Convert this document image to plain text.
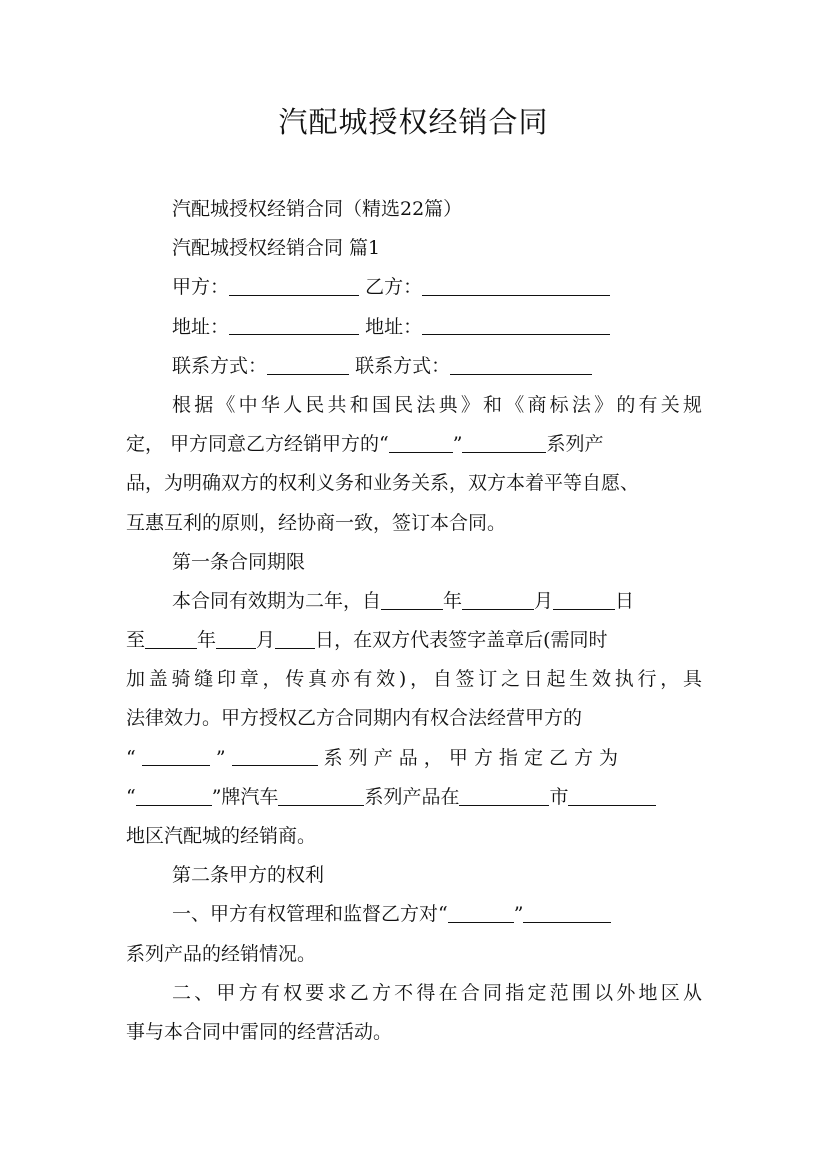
汽配城授权经销合同
汽配城授权经销合同（精选22篇）
汽配城授权经销合同 篇1
甲方：	乙方：
地址：	地址：
联系方式：	联系方式：
根据《中华人民共和国民法典》和《商标法》的有关规
定， 甲方同意乙方经销甲方的“	”	系列产
品，为明确双方的权利义务和业务关系，双方本着平等自愿、
互惠互利的原则，经协商一致，签订本合同。
第一条合同期限
本合同有效期为二年，自	年	月	日
至	年 月 日，在双方代表签字盖章后(需同时
加盖骑缝印章，传真亦有效)，自签订之日起生效执行，具
法律效力。甲方授权乙方合同期内有权合法经营甲方的
“	”	系 列 产 品 ， 甲 方 指 定 乙 方 为
“	”牌汽车	系列产品在	市
地区汽配城的经销商。
第二条甲方的权利
一、甲方有权管理和监督乙方对“	”
系列产品的经销情况。
二、甲方有权要求乙方不得在合同指定范围以外地区从
事与本合同中雷同的经营活动。
